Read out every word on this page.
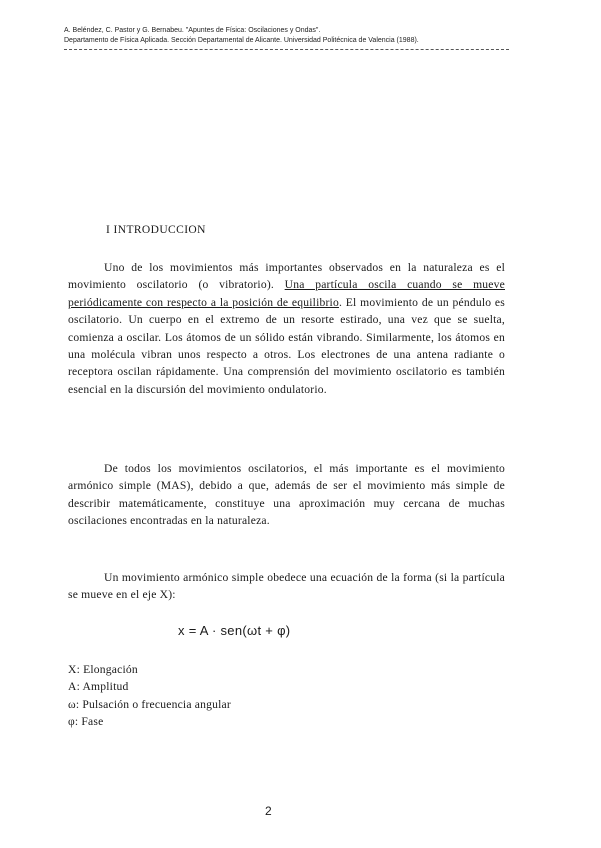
A. Beléndez, C. Pastor y G. Bernabeu. "Apuntes de Física: Oscilaciones y Ondas".
Departamento de Física Aplicada. Sección Departamental de Alicante. Universidad Politécnica de Valencia (1988).
I INTRODUCCION
Uno de los movimientos más importantes observados en la naturaleza es el movimiento oscilatorio (o vibratorio). Una partícula oscila cuando se mueve periódicamente con respecto a la posición de equilibrio. El movimiento de un péndulo es oscilatorio. Un cuerpo en el extremo de un resorte estirado, una vez que se suelta, comienza a oscilar. Los átomos de un sólido están vibrando. Similarmente, los átomos en una molécula vibran unos respecto a otros. Los electrones de una antena radiante o receptora oscilan rápidamente. Una comprensión del movimiento oscilatorio es también esencial en la discursión del movimiento ondulatorio.
De todos los movimientos oscilatorios, el más importante es el movimiento armónico simple (MAS), debido a que, además de ser el movimiento más simple de describir matemáticamente, constituye una aproximación muy cercana de muchas oscilaciones encontradas en la naturaleza.
Un movimiento armónico simple obedece una ecuación de la forma (si la partícula se mueve en el eje X):
x = A · sen(ωt + φ)
X: Elongación
A: Amplitud
ω: Pulsación o frecuencia angular
φ: Fase
2
